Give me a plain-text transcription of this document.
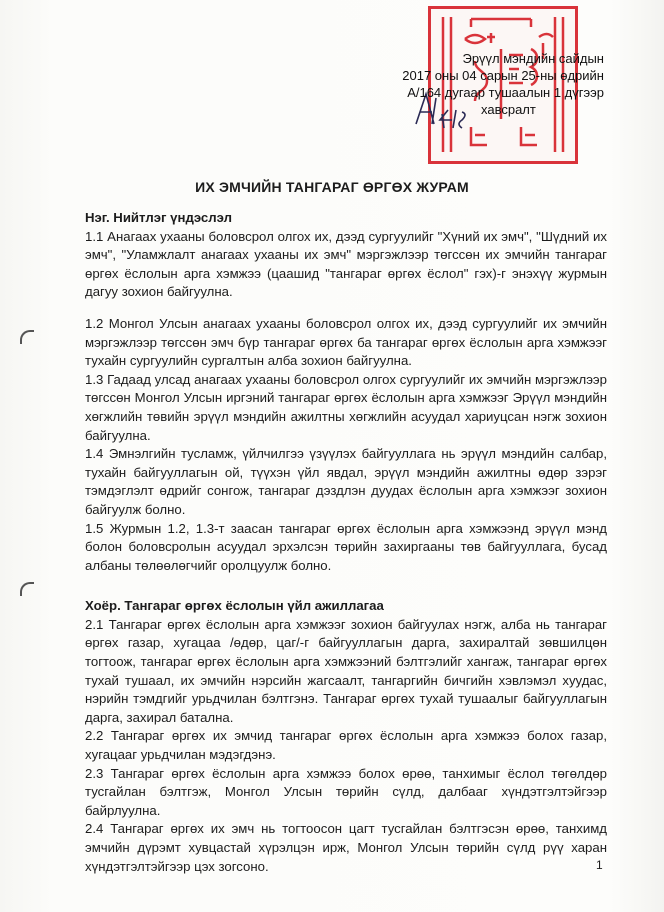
Эрүүл мэндийн сайдын
2017 оны 04 сарын 25-ны өдрийн
А/164 дугаар тушаалын 1 дүгээр
хавсралт
ИХ ЭМЧИЙН ТАНГАРАГ ӨРГӨХ ЖУРАМ
Нэг. Нийтлэг үндэслэл
1.1 Анагаах ухааны боловсрол олгох их, дээд сургуулийг "Хүний их эмч", "Шүдний их эмч", "Уламжлалт анагаах ухааны их эмч" мэргэжлээр төгссөн их эмчийн тангараг өргөх ёслолын арга хэмжээ (цаашид "тангараг өргөх ёслол" гэх)-г энэхүү журмын дагуу зохион байгуулна.
1.2 Монгол Улсын анагаах ухааны боловсрол олгох их, дээд сургуулийг их эмчийн мэргэжлээр төгссөн эмч бүр тангараг өргөх ба тангараг өргөх ёслолын арга хэмжээг тухайн сургуулийн сургалтын алба зохион байгуулна.
1.3 Гадаад улсад анагаах ухааны боловсрол олгох сургуулийг их эмчийн мэргэжлээр төгссөн Монгол Улсын иргэний тангараг өргөх ёслолын арга хэмжээг Эрүүл мэндийн хөгжлийн төвийн эрүүл мэндийн ажилтны хөгжлийн асуудал хариуцсан нэгж зохион байгуулна.
1.4 Эмнэлгийн тусламж, үйлчилгээ үзүүлэх байгууллага нь эрүүл мэндийн салбар, тухайн байгууллагын ой, түүхэн үйл явдал, эрүүл мэндийн ажилтны өдөр зэрэг тэмдэглэлт өдрийг сонгож, тангараг дэздлэн дуудах ёслолын арга хэмжээг зохион байгуулж болно.
1.5 Журмын 1.2, 1.3-т заасан тангараг өргөх ёслолын арга хэмжээнд эрүүл мэнд болон боловсролын асуудал эрхэлсэн төрийн захиргааны төв байгууллага, бусад албаны төлөөлөгчийг оролцуулж болно.
Хоёр. Тангараг өргөх ёслолын үйл ажиллагаа
2.1 Тангараг өргөх ёслолын арга хэмжээг зохион байгуулах нэгж, алба нь тангараг өргөх газар, хугацаа /өдөр, цаг/-г байгууллагын дарга, захиралтай зөвшилцөн тогтоож, тангараг өргөх ёслолын арга хэмжээний бэлтгэлийг хангаж, тангараг өргөх тухай тушаал, их эмчийн нэрсийн жагсаалт, тангаргийн бичгийн хэвлэмэл хуудас, нэрийн тэмдгийг урьдчилан бэлтгэнэ. Тангараг өргөх тухай тушаалыг байгууллагын дарга, захирал батална.
2.2 Тангараг өргөх их эмчид тангараг өргөх ёслолын арга хэмжээ болох газар, хугацааг урьдчилан мэдэгдэнэ.
2.3 Тангараг өргөх ёслолын арга хэмжээ болох өрөө, танхимыг ёслол төгөлдөр тусгайлан бэлтгэж, Монгол Улсын төрийн сүлд, далбааг хүндэтгэлтэйгээр байрлуулна.
2.4 Тангараг өргөх их эмч нь тогтоосон цагт тусгайлан бэлтгэсэн өрөө, танхимд эмчийн дүрэмт хувцастай хүрэлцэн ирж, Монгол Улсын төрийн сүлд рүү харан хүндэтгэлтэйгээр цэх зогсоно.	1
